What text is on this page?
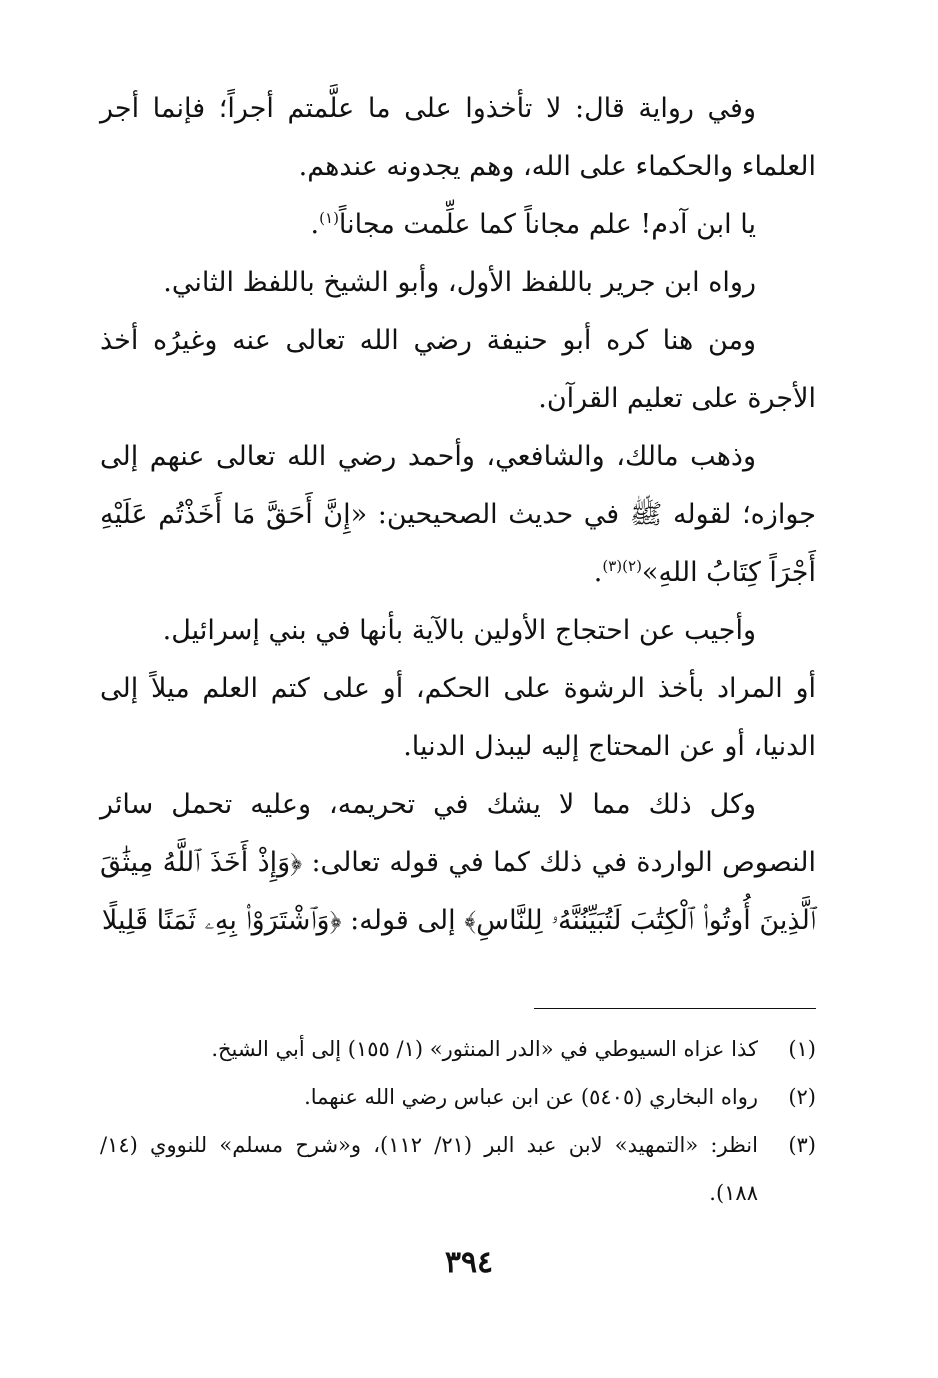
وفي رواية قال: لا تأخذوا على ما علَّمتم أجراً؛ فإنما أجر العلماء والحكماء على الله، وهم يجدونه عندهم.

يا ابن آدم! علم مجاناً كما علِّمت مجاناً$^{(١)}$.

رواه ابن جرير باللفظ الأول، وأبو الشيخ باللفظ الثاني.

ومن هنا كره أبو حنيفة رضي الله تعالى عنه وغيرُه أخذ الأجرة على تعليم القرآن.

وذهب مالك، والشافعي، وأحمد رضي الله تعالى عنهم إلى جوازه؛ لقوله ﷺ في حديث الصحيحين: «إِنَّ أَحَقَّ مَا أَخَذْتُم عَلَيْهِ أَجْرَاً كِتَابُ اللهِ»$^{(٢)(٣)}$.

وأجيب عن احتجاج الأولين بالآية بأنها في بني إسرائيل.

أو المراد بأخذ الرشوة على الحكم، أو على كتم العلم ميلاً إلى الدنيا، أو عن المحتاج إليه ليبذل الدنيا.

وكل ذلك مما لا يشك في تحريمه، وعليه تحمل سائر النصوص الواردة في ذلك كما في قوله تعالى: ﴿وَإِذْ أَخَذَ ٱللَّهُ مِيثَٰقَ ٱلَّذِينَ أُوتُوا۟ ٱلْكِتَٰبَ لَتُبَيِّنُنَّهُۥ لِلنَّاسِ﴾ إلى قوله: ﴿وَٱشْتَرَوْا۟ بِهِۦ ثَمَنًا قَلِيلًا

(١)
كذا عزاه السيوطي في «الدر المنثور» (١/ ١٥٥) إلى أبي الشيخ.
(٢)
رواه البخاري (٥٤٠٥) عن ابن عباس رضي الله عنهما.
(٣)
انظر: «التمهيد» لابن عبد البر (٢١/ ١١٢)، و«شرح مسلم» للنووي (١٤/ ١٨٨).
٣٩٤
